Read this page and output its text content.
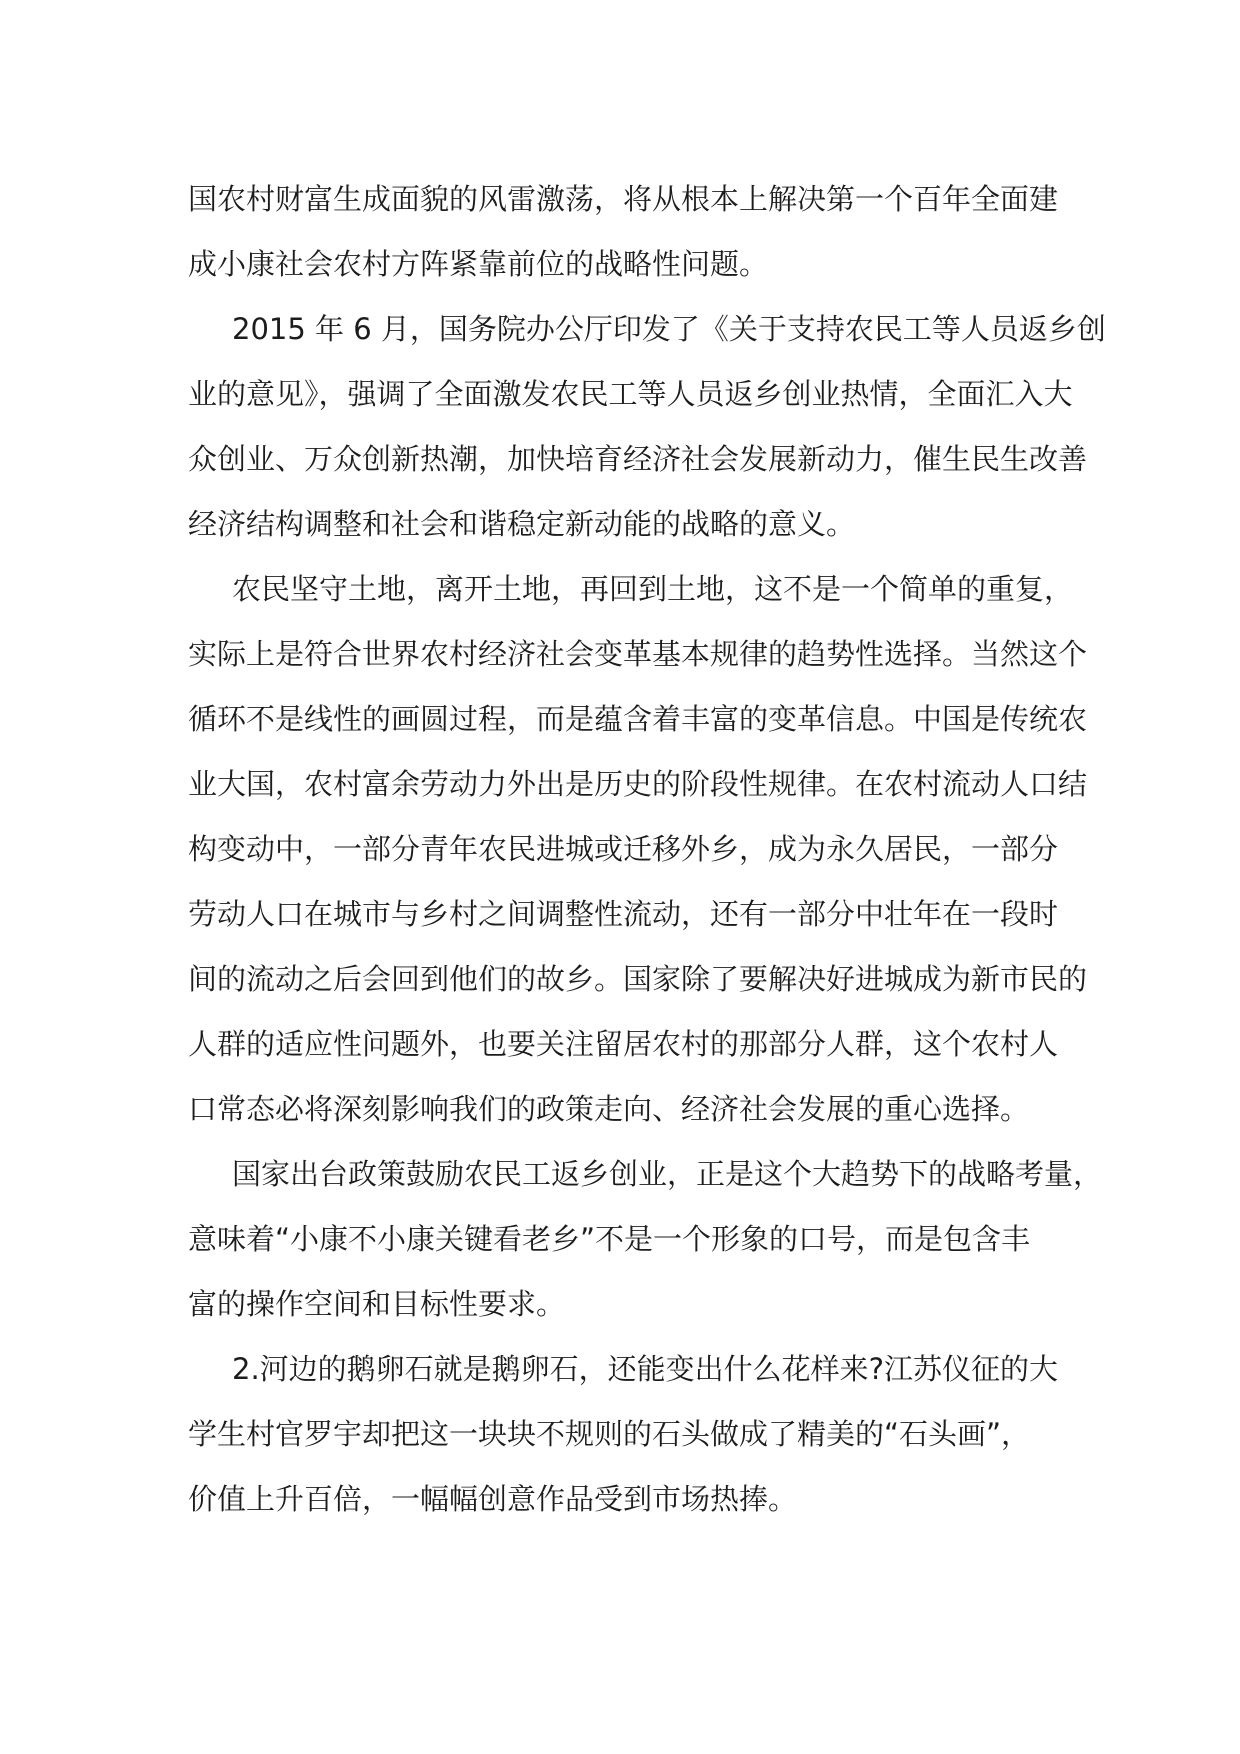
国农村财富生成面貌的风雷激荡，将从根本上解决第一个百年全面建
成小康社会农村方阵紧靠前位的战略性问题。
2015 年 6 月，国务院办公厅印发了《关于支持农民工等人员返乡创
业的意见》，强调了全面激发农民工等人员返乡创业热情，全面汇入大
众创业、万众创新热潮，加快培育经济社会发展新动力，催生民生改善
经济结构调整和社会和谐稳定新动能的战略的意义。
农民坚守土地，离开土地，再回到土地，这不是一个简单的重复，
实际上是符合世界农村经济社会变革基本规律的趋势性选择。当然这个
循环不是线性的画圆过程，而是蕴含着丰富的变革信息。中国是传统农
业大国，农村富余劳动力外出是历史的阶段性规律。在农村流动人口结
构变动中，一部分青年农民进城或迁移外乡，成为永久居民，一部分
劳动人口在城市与乡村之间调整性流动，还有一部分中壮年在一段时
间的流动之后会回到他们的故乡。国家除了要解决好进城成为新市民的
人群的适应性问题外，也要关注留居农村的那部分人群，这个农村人
口常态必将深刻影响我们的政策走向、经济社会发展的重心选择。
国家出台政策鼓励农民工返乡创业，正是这个大趋势下的战略考量，
意味着“小康不小康关键看老乡”不是一个形象的口号，而是包含丰
富的操作空间和目标性要求。
2.河边的鹅卵石就是鹅卵石，还能变出什么花样来?江苏仪征的大
学生村官罗宇却把这一块块不规则的石头做成了精美的“石头画”，
价值上升百倍，一幅幅创意作品受到市场热捧。
